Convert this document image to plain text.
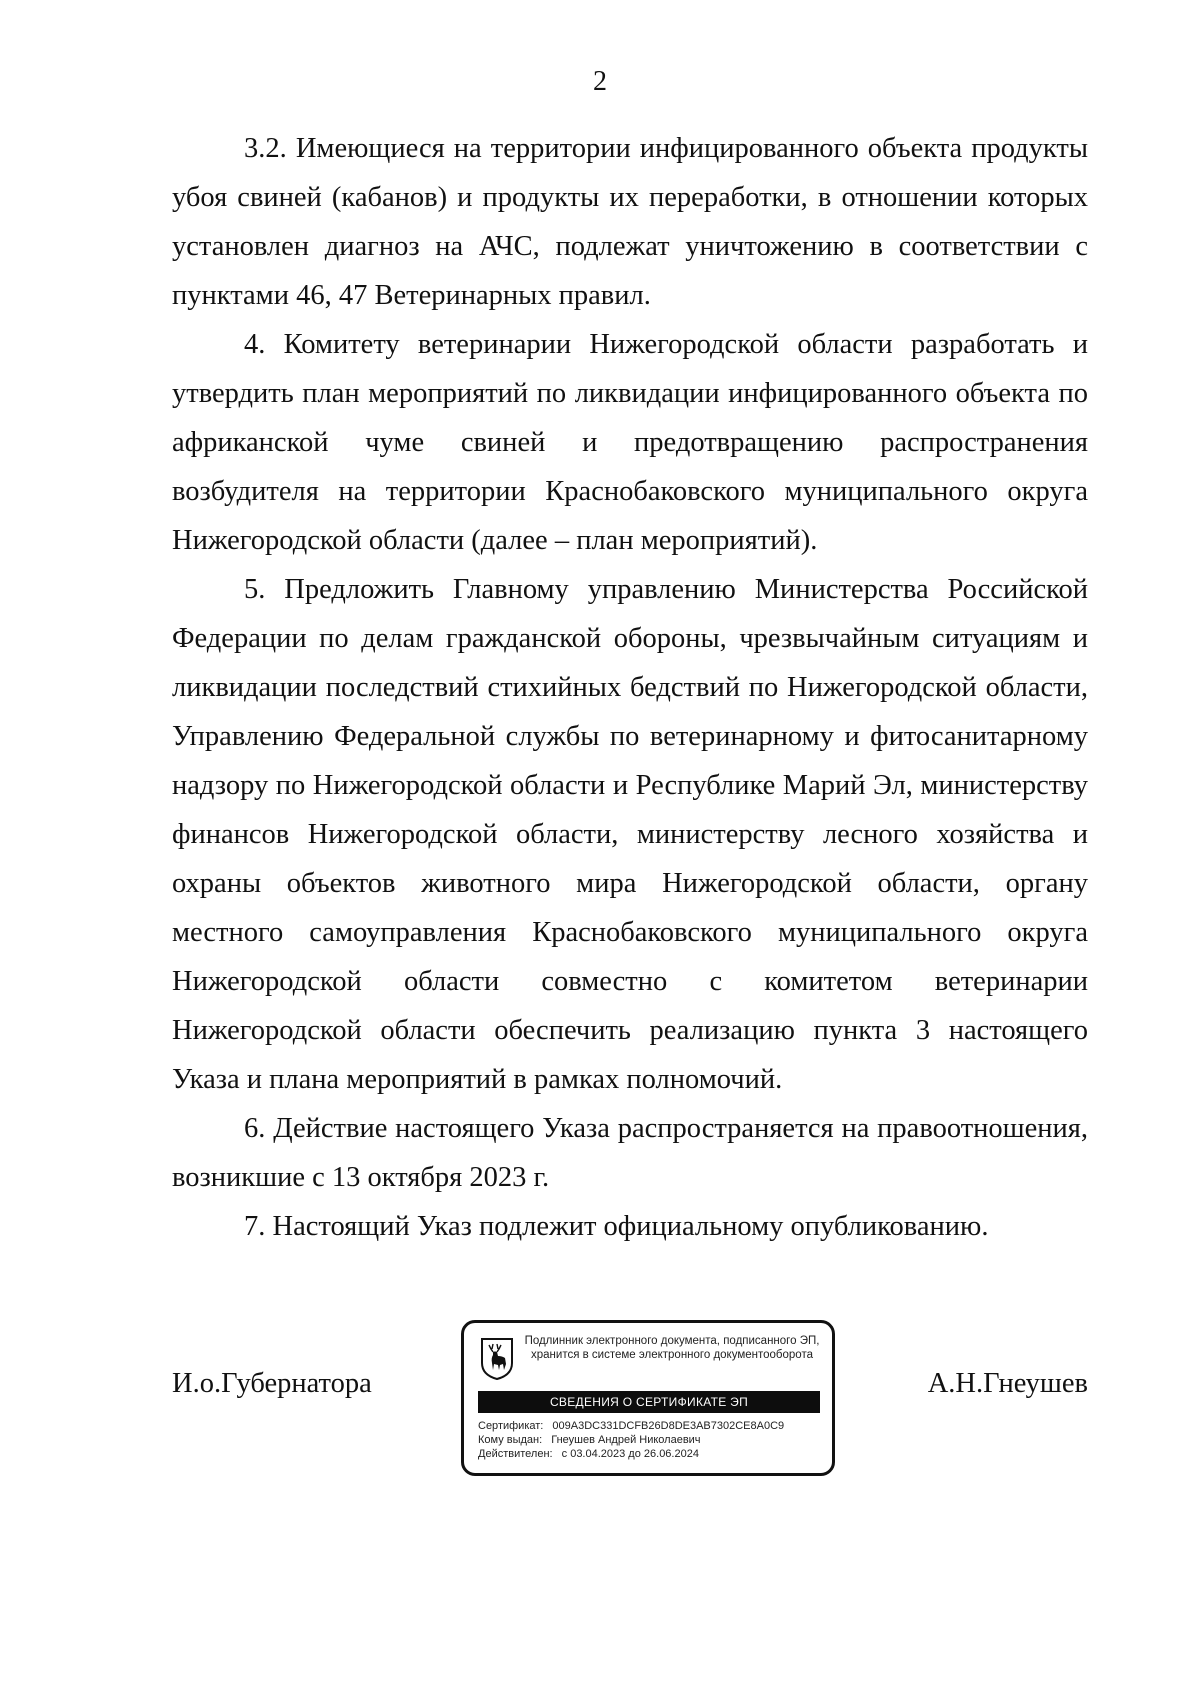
2

3.2. Имеющиеся на территории инфицированного объекта продукты убоя свиней (кабанов) и продукты их переработки, в отношении которых установлен диагноз на АЧС, подлежат уничтожению в соответствии с пунктами 46, 47 Ветеринарных правил.

4. Комитету ветеринарии Нижегородской области разработать и утвердить план мероприятий по ликвидации инфицированного объекта по африканской чуме свиней и предотвращению распространения возбудителя на территории Краснобаковского муниципального округа Нижегородской области (далее – план мероприятий).

5. Предложить Главному управлению Министерства Российской Федерации по делам гражданской обороны, чрезвычайным ситуациям и ликвидации последствий стихийных бедствий по Нижегородской области, Управлению Федеральной службы по ветеринарному и фитосанитарному надзору по Нижегородской области и Республике Марий Эл, министерству финансов Нижегородской области, министерству лесного хозяйства и охраны объектов животного мира Нижегородской области, органу местного самоуправления Краснобаковского муниципального округа Нижегородской области совместно с комитетом ветеринарии Нижегородской области обеспечить реализацию пункта 3 настоящего Указа и плана мероприятий в рамках полномочий.

6. Действие настоящего Указа распространяется на правоотношения, возникшие с 13 октября 2023 г.

7. Настоящий Указ подлежит официальному опубликованию.

И.о.Губернатора
Подлинник электронного документа, подписанного ЭП,
хранится в системе электронного документооборота
СВЕДЕНИЯ О СЕРТИФИКАТЕ ЭП
Сертификат: 009A3DC331DCFB26D8DE3AB7302CE8A0C9
Кому выдан: Гнеушев Андрей Николаевич
Действителен: с 03.04.2023 до 26.06.2024
А.Н.Гнеушев
